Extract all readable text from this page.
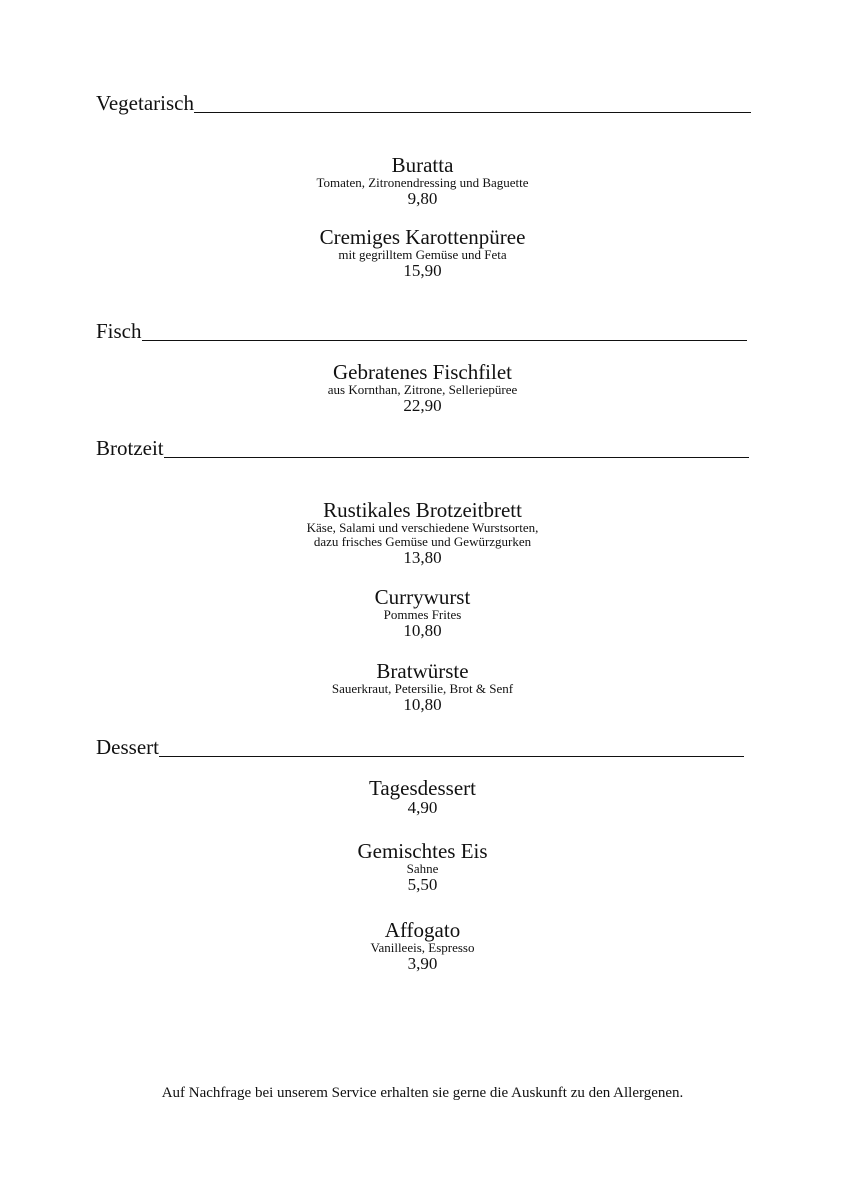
Vegetarisch
Buratta
Tomaten, Zitronendressing und Baguette
9,80
Cremiges Karottenpüree
mit gegrilltem Gemüse und Feta
15,90
Fisch
Gebratenes Fischfilet
aus Kornthan, Zitrone, Selleriepüree
22,90
Brotzeit
Rustikales Brotzeitbrett
Käse, Salami und verschiedene Wurstsorten,
dazu frisches Gemüse und Gewürzgurken
13,80
Currywurst
Pommes Frites
10,80
Bratwürste
Sauerkraut, Petersilie, Brot & Senf
10,80
Dessert
Tagesdessert
4,90
Gemischtes Eis
Sahne
5,50
Affogato
Vanilleeis, Espresso
3,90
Auf Nachfrage bei unserem Service erhalten sie gerne die Auskunft zu den Allergenen.
